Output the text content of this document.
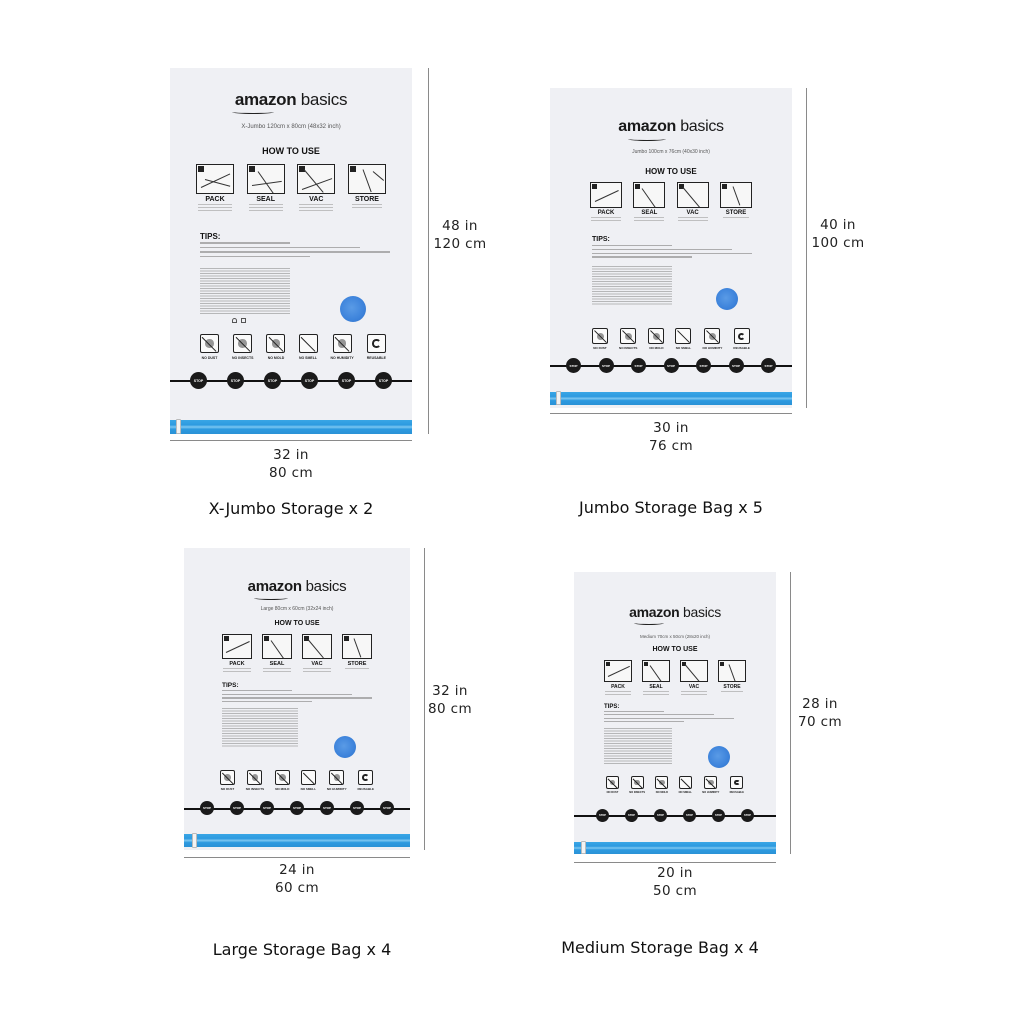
amazon basics
X-Jumbo 120cm x 80cm (48x32 inch)
HOW TO USE
PACK	SEAL	VAC	STORE
TIPS:
NO DUST	NO INSECTS	NO MOLD	NO SMELL	NO HUMIDITY	REUSABLE
STOP	STOP	STOP	STOP	STOP	STOP
48 in
120 cm
32 in
80 cm
X-Jumbo Storage x 2
amazon basics
Jumbo 100cm x 76cm (40x30 inch)
HOW TO USE
PACK	SEAL	VAC	STORE
TIPS:
NO DUST	NO INSECTS	NO MOLD	NO SMELL	NO HUMIDITY	REUSABLE
STOP	STOP	STOP	STOP	STOP	STOP	STOP
40 in
100 cm
30 in
76 cm
Jumbo Storage Bag x 5
amazon basics
Large 80cm x 60cm (32x24 inch)
HOW TO USE
PACK	SEAL	VAC	STORE
TIPS:
NO DUST	NO INSECTS	NO MOLD	NO SMELL	NO HUMIDITY	REUSABLE
STOP	STOP	STOP	STOP	STOP	STOP	STOP
32 in
80 cm
24 in
60 cm
Large Storage Bag x 4
amazon basics
Medium 70cm x 50cm (28x20 inch)
HOW TO USE
PACK	SEAL	VAC	STORE
TIPS:
NO DUST	NO INSECTS	NO MOLD	NO SMELL	NO HUMIDITY	REUSABLE
STOP	STOP	STOP	STOP	STOP	STOP
28 in
70 cm
20 in
50 cm
Medium Storage Bag x 4
